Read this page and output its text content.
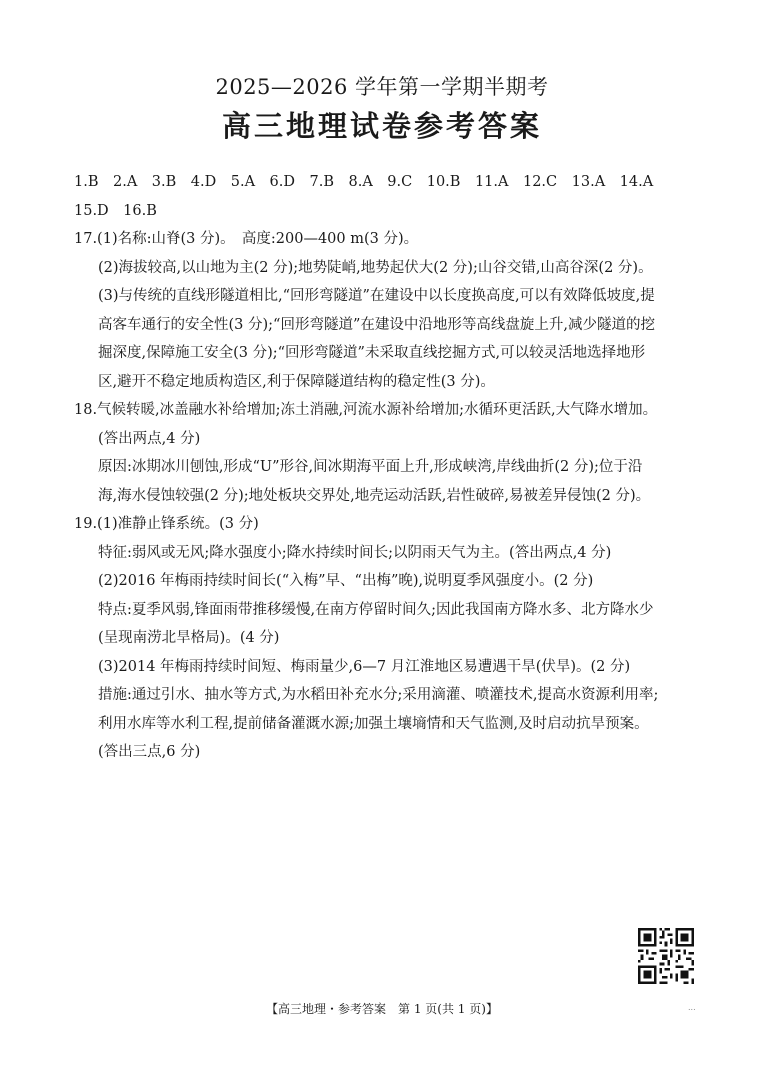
2025—2026 学年第一学期半期考
高三地理试卷参考答案
1.B　2.A　3.B　4.D　5.A　6.D　7.B　8.A　9.C　10.B　11.A　12.C　13.A　14.A
15.D　16.B
17.(1)名称:山脊(3 分)。　高度:200—400 m(3 分)。
(2)海拔较高,以山地为主(2 分);地势陡峭,地势起伏大(2 分);山谷交错,山高谷深(2 分)。
(3)与传统的直线形隧道相比,“回形弯隧道”在建设中以长度换高度,可以有效降低坡度,提
高客车通行的安全性(3 分);“回形弯隧道”在建设中沿地形等高线盘旋上升,减少隧道的挖
掘深度,保障施工安全(3 分);“回形弯隧道”未采取直线挖掘方式,可以较灵活地选择地形
区,避开不稳定地质构造区,利于保障隧道结构的稳定性(3 分)。
18.气候转暖,冰盖融水补给增加;冻土消融,河流水源补给增加;水循环更活跃,大气降水增加。
(答出两点,4 分)
原因:冰期冰川刨蚀,形成“U”形谷,间冰期海平面上升,形成峡湾,岸线曲折(2 分);位于沿
海,海水侵蚀较强(2 分);地处板块交界处,地壳运动活跃,岩性破碎,易被差异侵蚀(2 分)。
19.(1)准静止锋系统。(3 分)
特征:弱风或无风;降水强度小;降水持续时间长;以阴雨天气为主。(答出两点,4 分)
(2)2016 年梅雨持续时间长(“入梅”早、“出梅”晚),说明夏季风强度小。(2 分)
特点:夏季风弱,锋面雨带推移缓慢,在南方停留时间久;因此我国南方降水多、北方降水少
(呈现南涝北旱格局)。(4 分)
(3)2014 年梅雨持续时间短、梅雨量少,6—7 月江淮地区易遭遇干旱(伏旱)。(2 分)
措施:通过引水、抽水等方式,为水稻田补充水分;采用滴灌、喷灌技术,提高水资源利用率;
利用水库等水利工程,提前储备灌溉水源;加强土壤墒情和天气监测,及时启动抗旱预案。
(答出三点,6 分)
【高三地理・参考答案　第 1 页(共 1 页)】	...
